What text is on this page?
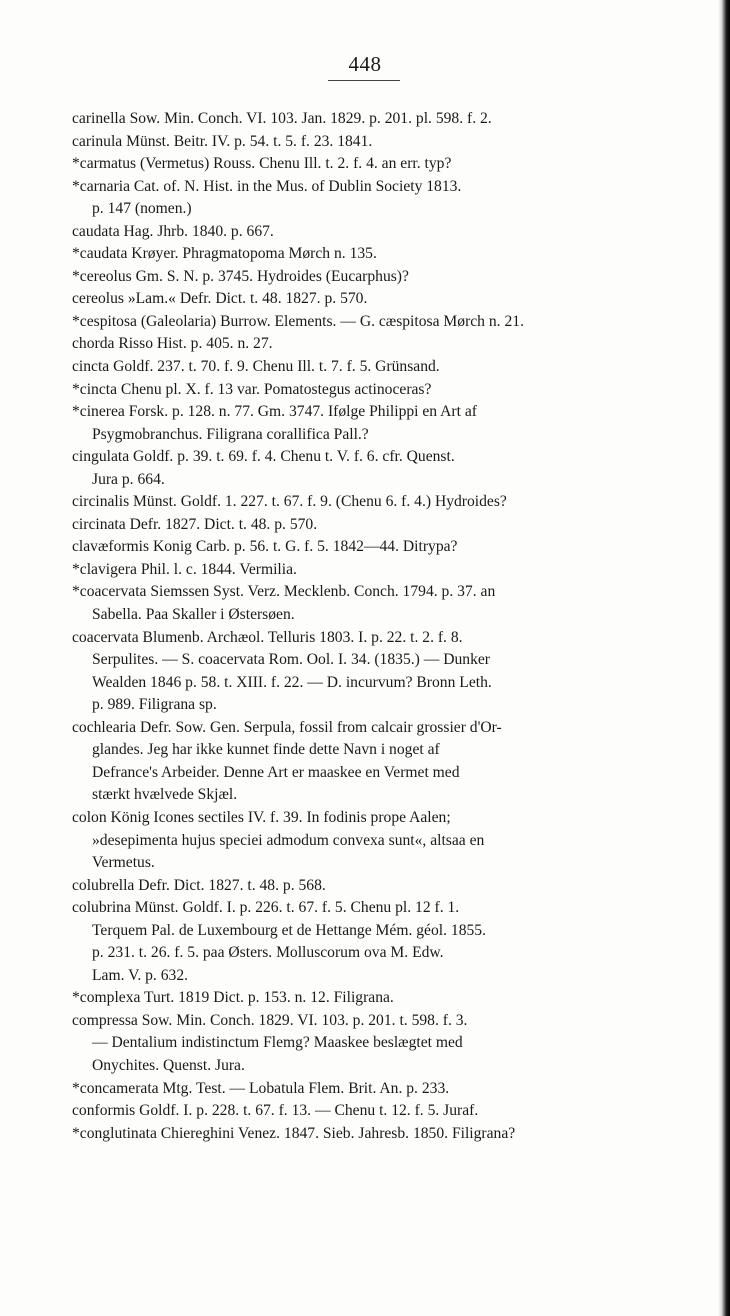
448
carinella Sow. Min. Conch. VI. 103. Jan. 1829. p. 201. pl. 598. f. 2.
carinula Münst. Beitr. IV. p. 54. t. 5. f. 23. 1841.
*carmatus (Vermetus) Rouss. Chenu Ill. t. 2. f. 4. an err. typ?
*carnaria Cat. of. N. Hist. in the Mus. of Dublin Society 1813.
p. 147 (nomen.)
caudata Hag. Jhrb. 1840. p. 667.
*caudata Krøyer. Phragmatopoma Mørch n. 135.
*cereolus Gm. S. N. p. 3745. Hydroides (Eucarphus)?
cereolus »Lam.« Defr. Dict. t. 48. 1827. p. 570.
*cespitosa (Galeolaria) Burrow. Elements. — G. cæspitosa Mørch n. 21.
chorda Risso Hist. p. 405. n. 27.
cincta Goldf. 237. t. 70. f. 9. Chenu Ill. t. 7. f. 5. Grünsand.
*cincta Chenu pl. X. f. 13 var. Pomatostegus actinoceras?
*cinerea Forsk. p. 128. n. 77. Gm. 3747. Ifølge Philippi en Art af
Psygmobranchus. Filigrana corallifica Pall.?
cingulata Goldf. p. 39. t. 69. f. 4. Chenu t. V. f. 6. cfr. Quenst.
Jura p. 664.
circinalis Münst. Goldf. 1. 227. t. 67. f. 9. (Chenu 6. f. 4.) Hydroides?
circinata Defr. 1827. Dict. t. 48. p. 570.
clavæformis Konig Carb. p. 56. t. G. f. 5. 1842—44. Ditrypa?
*clavigera Phil. l. c. 1844. Vermilia.
*coacervata Siemssen Syst. Verz. Mecklenb. Conch. 1794. p. 37. an
Sabella. Paa Skaller i Østersøen.
coacervata Blumenb. Archæol. Telluris 1803. I. p. 22. t. 2. f. 8.
Serpulites. — S. coacervata Rom. Ool. I. 34. (1835.) — Dunker
Wealden 1846 p. 58. t. XIII. f. 22. — D. incurvum? Bronn Leth.
p. 989. Filigrana sp.
cochlearia Defr. Sow. Gen. Serpula, fossil from calcair grossier d'Or-
glandes. Jeg har ikke kunnet finde dette Navn i noget af
Defrance's Arbeider. Denne Art er maaskee en Vermet med
stærkt hvælvede Skjæl.
colon König Icones sectiles IV. f. 39. In fodinis prope Aalen;
»desepimenta hujus speciei admodum convexa sunt«, altsaa en
Vermetus.
colubrella Defr. Dict. 1827. t. 48. p. 568.
colubrina Münst. Goldf. I. p. 226. t. 67. f. 5. Chenu pl. 12 f. 1.
Terquem Pal. de Luxembourg et de Hettange Mém. géol. 1855.
p. 231. t. 26. f. 5. paa Østers. Molluscorum ova M. Edw.
Lam. V. p. 632.
*complexa Turt. 1819 Dict. p. 153. n. 12. Filigrana.
compressa Sow. Min. Conch. 1829. VI. 103. p. 201. t. 598. f. 3.
— Dentalium indistinctum Flemg? Maaskee beslægtet med
Onychites. Quenst. Jura.
*concamerata Mtg. Test. — Lobatula Flem. Brit. An. p. 233.
conformis Goldf. I. p. 228. t. 67. f. 13. — Chenu t. 12. f. 5. Juraf.
*conglutinata Chiereghini Venez. 1847. Sieb. Jahresb. 1850. Filigrana?
